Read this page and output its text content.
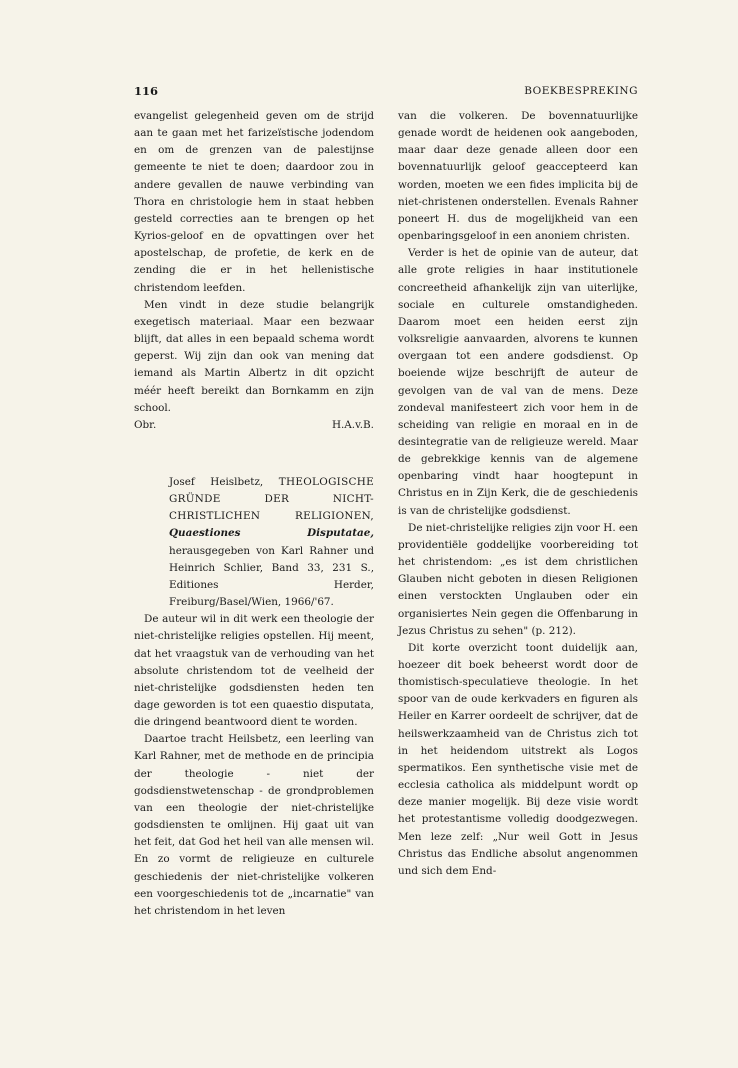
116	BOEKBESPREKING

evangelist gelegenheid geven om de strijd aan te gaan met het farizeïstische jodendom en om de grenzen van de palestijnse gemeente te niet te doen; daardoor zou in andere gevallen de nauwe verbinding van Thora en christologie hem in staat hebben gesteld correcties aan te brengen op het Kyrios-geloof en de opvattingen over het apostelschap, de profetie, de kerk en de zending die er in het hellenistische christendom leefden.

Men vindt in deze studie belangrijk exegetisch materiaal. Maar een bezwaar blijft, dat alles in een bepaald schema wordt geperst. Wij zijn dan ook van mening dat iemand als Martin Albertz in dit opzicht méér heeft bereikt dan Bornkamm en zijn school.

Obr.	H.A.v.B.
Josef Heislbetz, THEOLOGISCHE GRÜNDE DER NICHT-CHRISTLICHEN RELIGIONEN, Quaestiones Disputatae, herausgegeben von Karl Rahner und Heinrich Schlier, Band 33, 231 S., Editiones Herder, Freiburg/Basel/Wien, 1966/'67.

De auteur wil in dit werk een theologie der niet-christelijke religies opstellen. Hij meent, dat het vraagstuk van de verhouding van het absolute christendom tot de veelheid der niet-christelijke godsdiensten heden ten dage geworden is tot een quaestio disputata, die dringend beantwoord dient te worden.

Daartoe tracht Heilsbetz, een leerling van Karl Rahner, met de methode en de principia der theologie - niet der godsdienstwetenschap - de grondproblemen van een theologie der niet-christelijke godsdiensten te omlijnen. Hij gaat uit van het feit, dat God het heil van alle mensen wil. En zo vormt de religieuze en culturele geschiedenis der niet-christelijke volkeren een voorgeschiedenis tot de „incarnatie" van het christendom in het leven

van die volkeren. De bovennatuurlijke genade wordt de heidenen ook aangeboden, maar daar deze genade alleen door een bovennatuurlijk geloof geaccepteerd kan worden, moeten we een fides implicita bij de niet-christenen onderstellen. Evenals Rahner poneert H. dus de mogelijkheid van een openbaringsgeloof in een anoniem christen.

Verder is het de opinie van de auteur, dat alle grote religies in haar institutionele concreetheid afhankelijk zijn van uiterlijke, sociale en culturele omstandigheden. Daarom moet een heiden eerst zijn volksreligie aanvaarden, alvorens te kunnen overgaan tot een andere godsdienst. Op boeiende wijze beschrijft de auteur de gevolgen van de val van de mens. Deze zondeval manifesteert zich voor hem in de scheiding van religie en moraal en in de desintegratie van de religieuze wereld. Maar de gebrekkige kennis van de algemene openbaring vindt haar hoogtepunt in Christus en in Zijn Kerk, die de geschiedenis is van de christelijke godsdienst.

De niet-christelijke religies zijn voor H. een providentiële goddelijke voorbereiding tot het christendom: „es ist dem christlichen Glauben nicht geboten in diesen Religionen einen verstockten Unglauben oder ein organisiertes Nein gegen die Offenbarung in Jezus Christus zu sehen" (p. 212).

Dit korte overzicht toont duidelijk aan, hoezeer dit boek beheerst wordt door de thomistisch-speculatieve theologie. In het spoor van de oude kerkvaders en figuren als Heiler en Karrer oordeelt de schrijver, dat de heilswerkzaamheid van de Christus zich tot in het heidendom uitstrekt als Logos spermatikos. Een synthetische visie met de ecclesia catholica als middelpunt wordt op deze manier mogelijk. Bij deze visie wordt het protestantisme volledig doodgezwegen. Men leze zelf: „Nur weil Gott in Jesus Christus das Endliche absolut angenommen und sich dem End-
